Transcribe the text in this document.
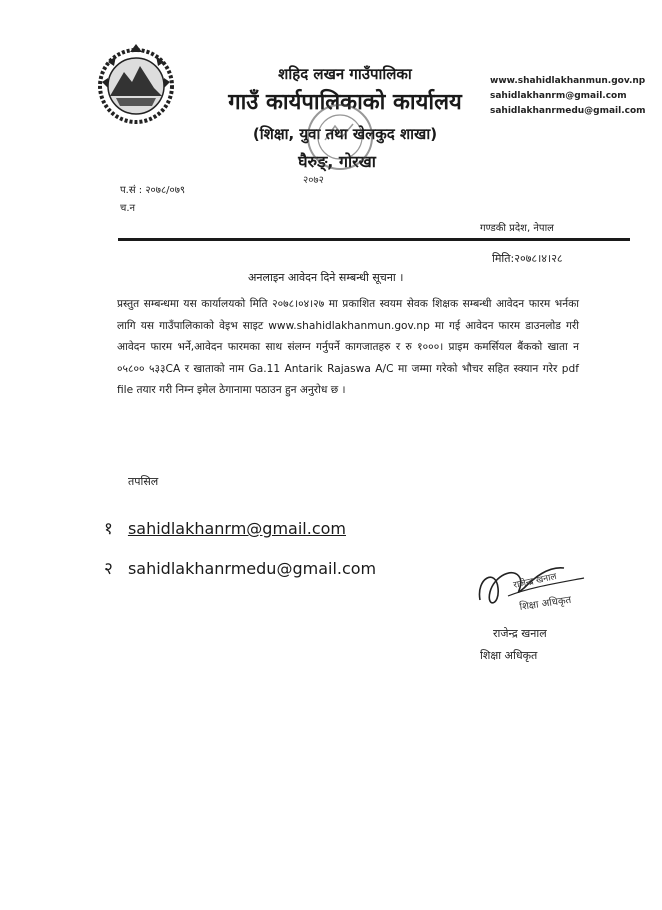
शहिद लखन गाउँपालिका
गाउँ कार्यपालिकाको कार्यालय
(शिक्षा, युवा तथा खेलकुद शाखा)
घैरुङ्, गोरखा
२०७२
www.shahidlakhanmun.gov.np
sahidlakhanrm@gmail.com
sahidlakhanrmedu@gmail.com
प.सं : २०७८/०७९
च.न
गण्डकी प्रदेश, नेपाल
मिति:२०७८।४।२८
अनलाइन आवेदन दिने सम्बन्धी सूचना ।
प्रस्तुत सम्बन्धमा यस कार्यालयको मिति २०७८।०४।२७ मा प्रकाशित स्वयम सेवक शिक्षक सम्बन्धी आवेदन फारम भर्नका लागि यस गाउँपालिकाको वेइभ साइट www.shahidlakhanmun.gov.np मा गई आवेदन फारम डाउनलोड गरी आवेदन फारम भर्ने,आवेदन फारमका साथ संलग्न गर्नुपर्ने कागजातहरु र रु १०००। प्राइम कमर्सियल बैंकको खाता न ०५८०० ५३३CA र खाताको नाम Ga.11 Antarik Rajaswa A/C मा जम्मा गरेको भौचर सहित स्क्यान गरेर pdf file तयार गरी निम्न इमेल ठेगानामा पठाउन हुन अनुरोध छ ।
तपसिल
१ sahidlakhanrm@gmail.com
२ sahidlakhanrmedu@gmail.com
राजेन्द्र खनाल
शिक्षा अधिकृत
राजेन्द्र खनाल
शिक्षा अधिकृत
